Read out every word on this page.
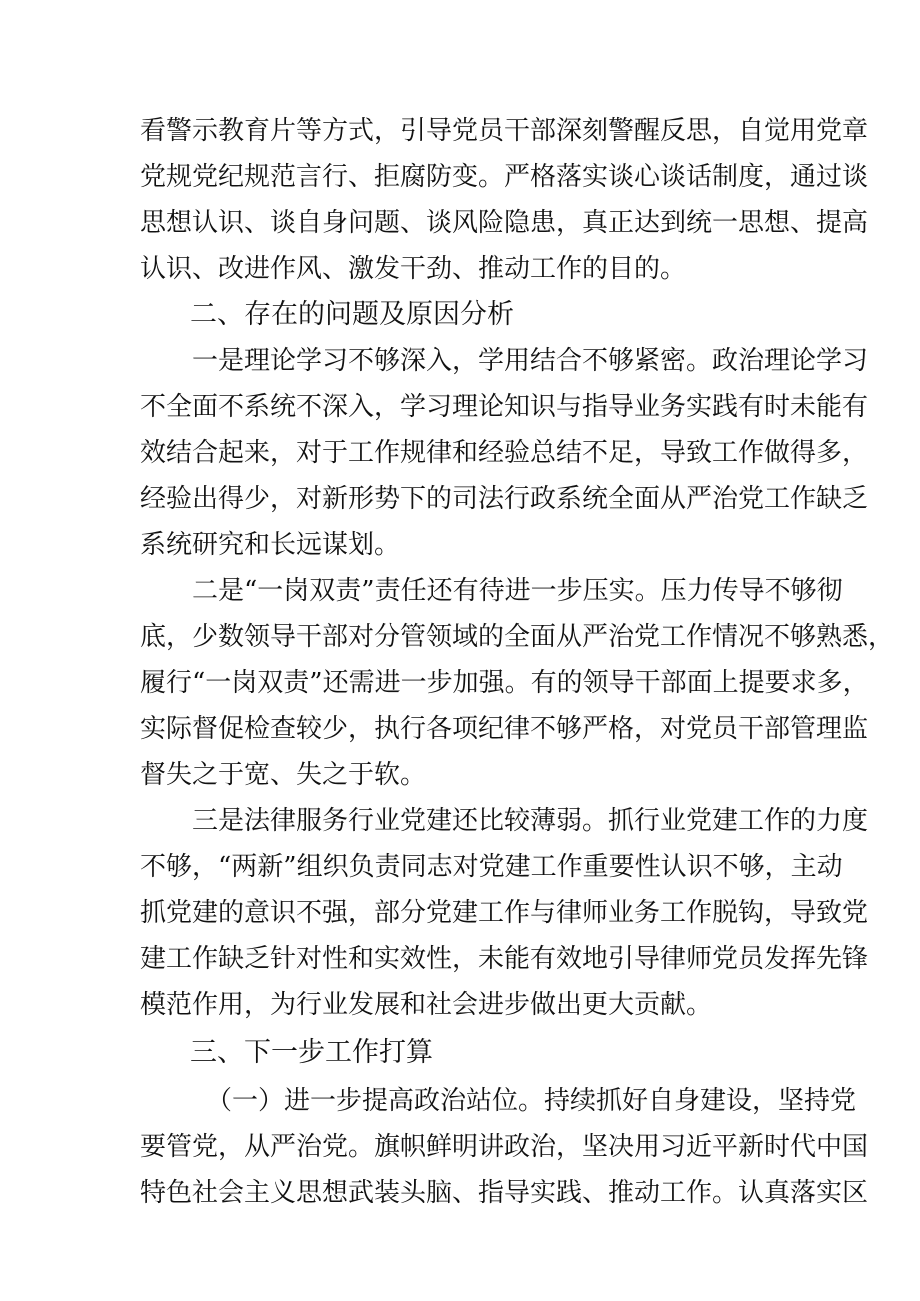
看警示教育片等方式，引导党员干部深刻警醒反思，自觉用党章
党规党纪规范言行、拒腐防变。严格落实谈心谈话制度，通过谈
思想认识、谈自身问题、谈风险隐患，真正达到统一思想、提高
认识、改进作风、激发干劲、推动工作的目的。
二、存在的问题及原因分析
一是理论学习不够深入，学用结合不够紧密。政治理论学习
不全面不系统不深入，学习理论知识与指导业务实践有时未能有
效结合起来，对于工作规律和经验总结不足，导致工作做得多，
经验出得少，对新形势下的司法行政系统全面从严治党工作缺乏
系统研究和长远谋划。
二是“一岗双责”责任还有待进一步压实。压力传导不够彻
底，少数领导干部对分管领域的全面从严治党工作情况不够熟悉，
履行“一岗双责”还需进一步加强。有的领导干部面上提要求多，
实际督促检查较少，执行各项纪律不够严格，对党员干部管理监
督失之于宽、失之于软。
三是法律服务行业党建还比较薄弱。抓行业党建工作的力度
不够，“两新”组织负责同志对党建工作重要性认识不够，主动
抓党建的意识不强，部分党建工作与律师业务工作脱钩，导致党
建工作缺乏针对性和实效性，未能有效地引导律师党员发挥先锋
模范作用，为行业发展和社会进步做出更大贡献。
三、下一步工作打算
（一）进一步提高政治站位。持续抓好自身建设，坚持党
要管党，从严治党。旗帜鲜明讲政治，坚决用习近平新时代中国
特色社会主义思想武装头脑、指导实践、推动工作。认真落实区
